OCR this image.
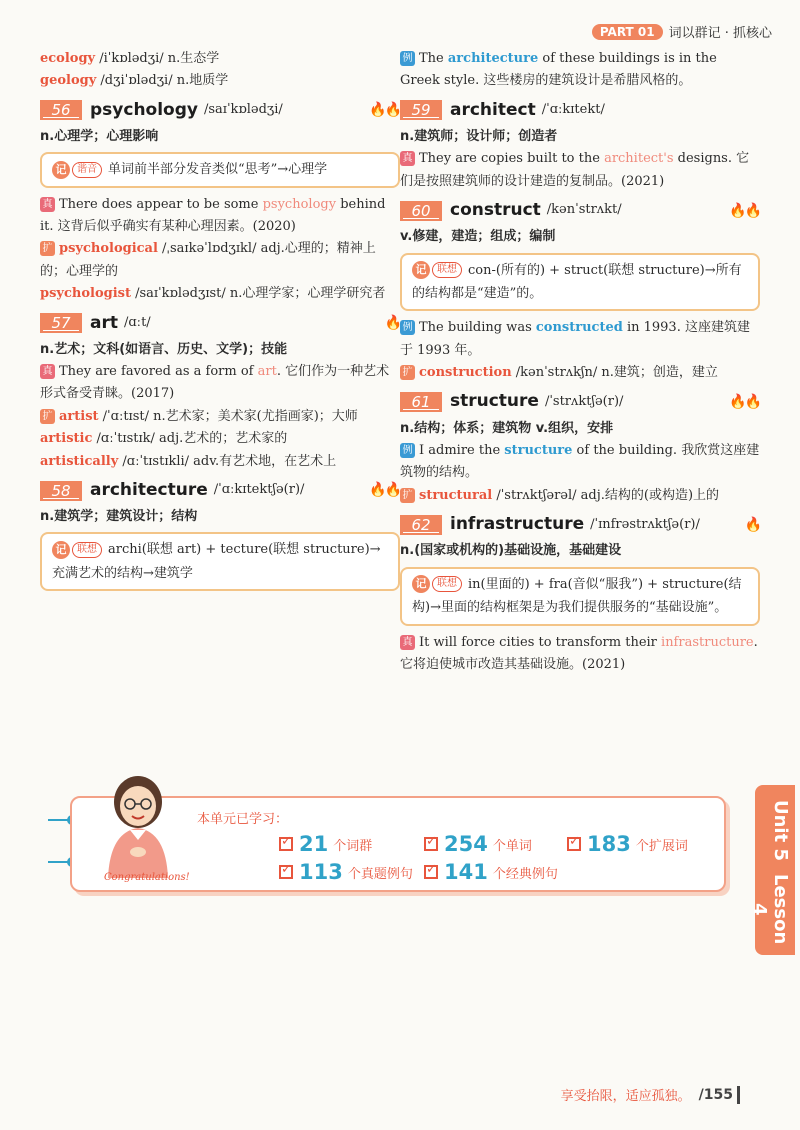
PART 01	词以群记 · 抓核心

ecology /iˈkɒlədʒi/ n.生态学

geology /dʒiˈɒlədʒi/ n.地质学

56	psychology /saɪˈkɒlədʒi/	🔥🔥

n.心理学；心理影响

记 谐音 单词前半部分发音类似“思考”→心理学

真 There does appear to be some psychology behind it. 这背后似乎确实有某种心理因素。(2020)

扩 psychological /ˌsaɪkəˈlɒdʒɪkl/ adj.心理的；精神上的；心理学的

psychologist /saɪˈkɒlədʒɪst/ n.心理学家；心理学研究者

57	art /ɑːt/	🔥

n.艺术；文科(如语言、历史、文学)；技能

真 They are favored as a form of art. 它们作为一种艺术形式备受青睐。(2017)

扩 artist /ˈɑːtɪst/ n.艺术家；美术家(尤指画家)；大师

artistic /ɑːˈtɪstɪk/ adj.艺术的；艺术家的

artistically /ɑːˈtɪstɪkli/ adv.有艺术地，在艺术上

58	architecture /ˈɑːkɪtektʃə(r)/	🔥🔥

n.建筑学；建筑设计；结构

记 联想 archi(联想 art) + tecture(联想 structure)→充满艺术的结构→建筑学

例 The architecture of these buildings is in the Greek style. 这些楼房的建筑设计是希腊风格的。

59	architect /ˈɑːkɪtekt/

n.建筑师；设计师；创造者

真 They are copies built to the architect's designs. 它们是按照建筑师的设计建造的复制品。(2021)

60	construct /kənˈstrʌkt/	🔥🔥

v.修建，建造；组成；编制

记 联想 con-(所有的) + struct(联想 structure)→所有的结构都是“建造”的。

例 The building was constructed in 1993. 这座建筑建于 1993 年。

扩 construction /kənˈstrʌkʃn/ n.建筑；创造，建立

61	structure /ˈstrʌktʃə(r)/	🔥🔥

n.结构；体系；建筑物 v.组织，安排

例 I admire the structure of the building. 我欣赏这座建筑物的结构。

扩 structural /ˈstrʌktʃərəl/ adj.结构的(或构造)上的

62	infrastructure /ˈɪnfrəstrʌktʃə(r)/	🔥

n.(国家或机构的)基础设施，基础建设

记 联想 in(里面的) + fra(音似“服我”) + structure(结构)→里面的结构框架是为我们提供服务的“基础设施”。

真 It will force cities to transform their infrastructure. 它将迫使城市改造其基础设施。(2021)

本单元已学习：
✓
21 个词群 ✓	254 个单词 ✓	183 个扩展词
✓
113 个真题例句 ✓ 141 个经典例句
Congratulations!
Unit 5
Lesson 4
享受抬限，适应孤独。 /155
